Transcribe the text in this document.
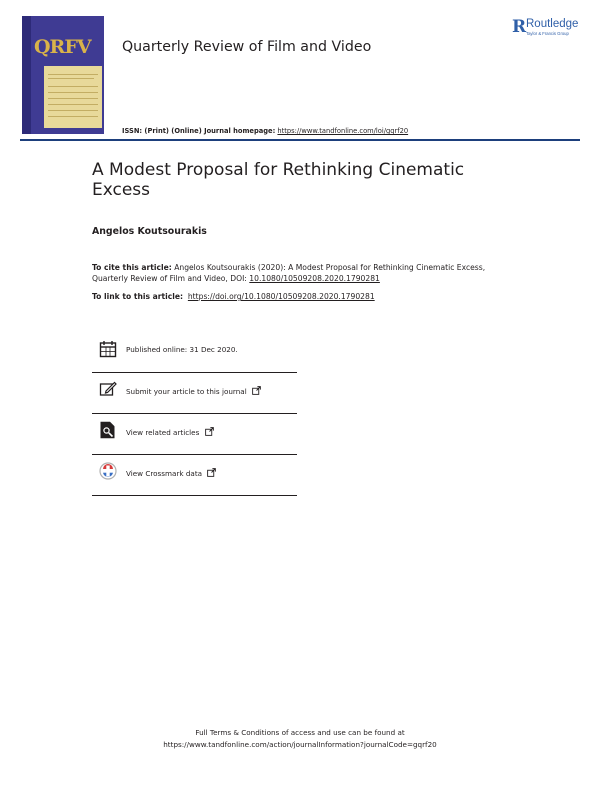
QRFV Quarterly Review of Film and Video
R Routledge
Taylor & Francis Group
ISSN: (Print) (Online) Journal homepage: https://www.tandfonline.com/loi/gqrf20
A Modest Proposal for Rethinking Cinematic Excess
Angelos Koutsourakis
To cite this article: Angelos Koutsourakis (2020): A Modest Proposal for Rethinking Cinematic Excess, Quarterly Review of Film and Video, DOI: 10.1080/10509208.2020.1790281
To link to this article: https://doi.org/10.1080/10509208.2020.1790281
Published online: 31 Dec 2020.
Submit your article to this journal
View related articles
View Crossmark data
Full Terms & Conditions of access and use can be found at
https://www.tandfonline.com/action/journalInformation?journalCode=gqrf20
